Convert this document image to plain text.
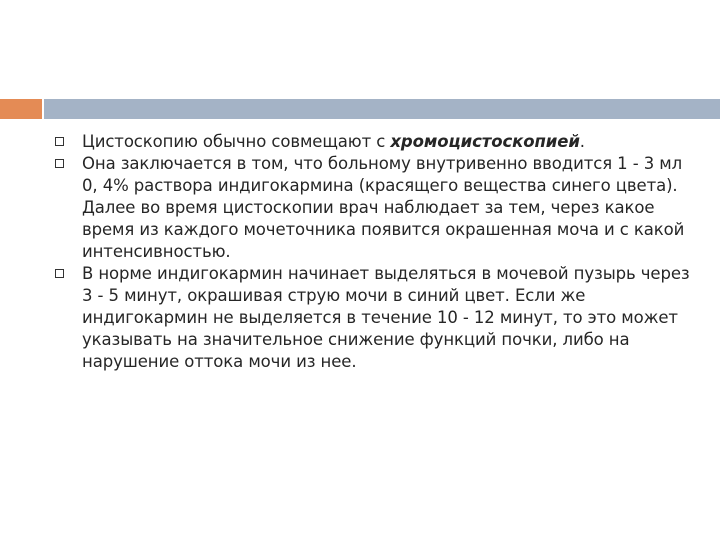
Цистоскопию обычно совмещают с хромоцистоскопией.
Она заключается в том, что больному внутривенно вводится 1 - 3 мл 0, 4% раствора индигокармина (красящего вещества синего цвета). Далее во время цистоскопии врач наблюдает за тем, через какое время из каждого мочеточника появится окрашенная моча и с какой интенсивностью.
В норме индигокармин начинает выделяться в мочевой пузырь через 3 - 5 минут, окрашивая струю мочи в синий цвет. Если же индигокармин не выделяется в течение 10 - 12 минут, то это может указывать на значительное снижение функций почки, либо на нарушение оттока мочи из нее.
